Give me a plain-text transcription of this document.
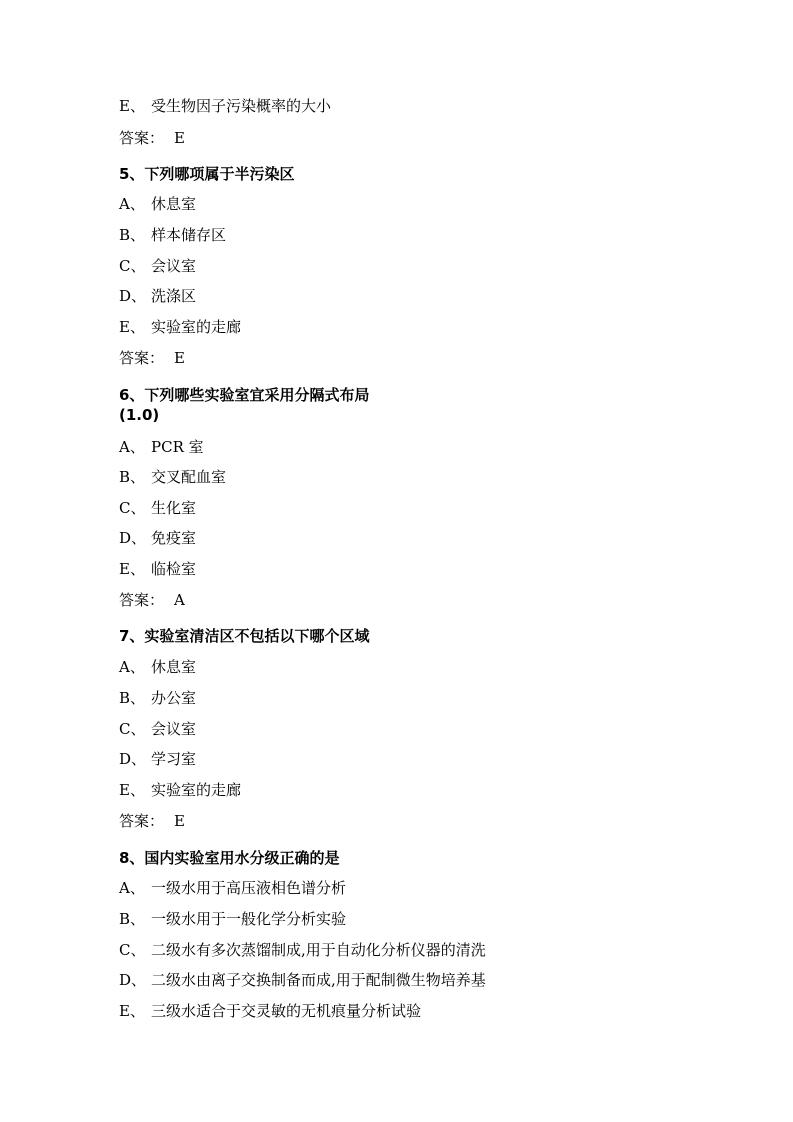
E、 受生物因子污染概率的大小
答案： E
5、下列哪项属于半污染区
A、 休息室
B、 样本储存区
C、 会议室
D、 洗涤区
E、 实验室的走廊
答案： E
6、下列哪些实验室宜采用分隔式布局
(1.0)
A、 PCR 室
B、 交叉配血室
C、 生化室
D、 免疫室
E、 临检室
答案： A
7、实验室清洁区不包括以下哪个区域
A、 休息室
B、 办公室
C、 会议室
D、 学习室
E、 实验室的走廊
答案： E
8、国内实验室用水分级正确的是
A、 一级水用于高压液相色谱分析
B、 一级水用于一般化学分析实验
C、 二级水有多次蒸馏制成,用于自动化分析仪器的清洗
D、 二级水由离子交换制备而成,用于配制微生物培养基
E、 三级水适合于交灵敏的无机痕量分析试验
